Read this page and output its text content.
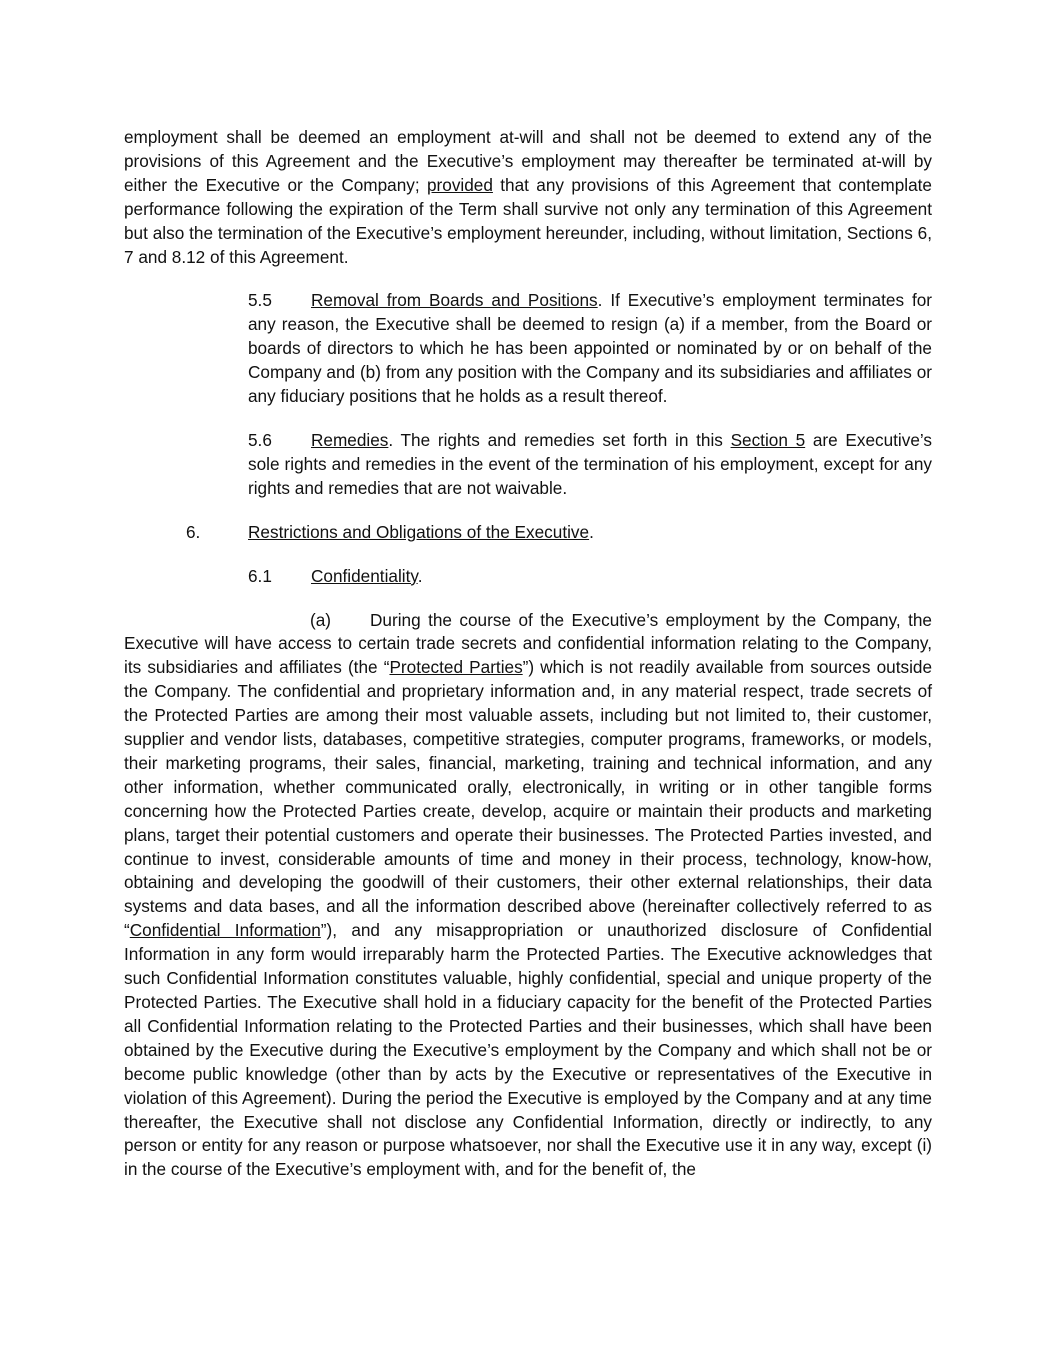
employment shall be deemed an employment at-will and shall not be deemed to extend any of the provisions of this Agreement and the Executive’s employment may thereafter be terminated at-will by either the Executive or the Company; provided that any provisions of this Agreement that contemplate performance following the expiration of the Term shall survive not only any termination of this Agreement but also the termination of the Executive’s employment hereunder, including, without limitation, Sections 6, 7 and 8.12 of this Agreement.

5.5 Removal from Boards and Positions. If Executive’s employment terminates for any reason, the Executive shall be deemed to resign (a) if a member, from the Board or boards of directors to which he has been appointed or nominated by or on behalf of the Company and (b) from any position with the Company and its subsidiaries and affiliates or any fiduciary positions that he holds as a result thereof.

5.6 Remedies. The rights and remedies set forth in this Section 5 are Executive’s sole rights and remedies in the event of the termination of his employment, except for any rights and remedies that are not waivable.

6.	Restrictions and Obligations of the Executive.

6.1 Confidentiality.

(a) During the course of the Executive’s employment by the Company, the Executive will have access to certain trade secrets and confidential information relating to the Company, its subsidiaries and affiliates (the “Protected Parties”) which is not readily available from sources outside the Company. The confidential and proprietary information and, in any material respect, trade secrets of the Protected Parties are among their most valuable assets, including but not limited to, their customer, supplier and vendor lists, databases, competitive strategies, computer programs, frameworks, or models, their marketing programs, their sales, financial, marketing, training and technical information, and any other information, whether communicated orally, electronically, in writing or in other tangible forms concerning how the Protected Parties create, develop, acquire or maintain their products and marketing plans, target their potential customers and operate their businesses. The Protected Parties invested, and continue to invest, considerable amounts of time and money in their process, technology, know-how, obtaining and developing the goodwill of their customers, their other external relationships, their data systems and data bases, and all the information described above (hereinafter collectively referred to as “Confidential Information”), and any misappropriation or unauthorized disclosure of Confidential Information in any form would irreparably harm the Protected Parties. The Executive acknowledges that such Confidential Information constitutes valuable, highly confidential, special and unique property of the Protected Parties. The Executive shall hold in a fiduciary capacity for the benefit of the Protected Parties all Confidential Information relating to the Protected Parties and their businesses, which shall have been obtained by the Executive during the Executive’s employment by the Company and which shall not be or become public knowledge (other than by acts by the Executive or representatives of the Executive in violation of this Agreement). During the period the Executive is employed by the Company and at any time thereafter, the Executive shall not disclose any Confidential Information, directly or indirectly, to any person or entity for any reason or purpose whatsoever, nor shall the Executive use it in any way, except (i) in the course of the Executive’s employment with, and for the benefit of, the
